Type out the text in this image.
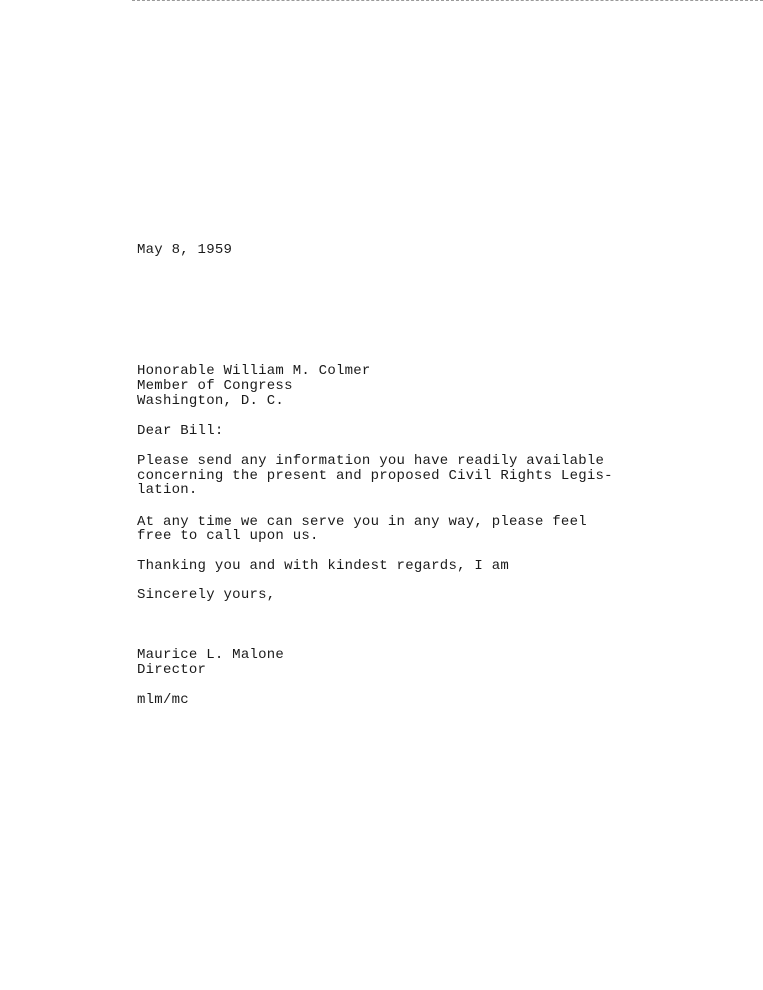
May 8, 1959
Honorable William M. Colmer
Member of Congress
Washington, D. C.
Dear Bill:
Please send any information you have readily available
concerning the present and proposed Civil Rights Legis-
lation.
At any time we can serve you in any way, please feel
free to call upon us.
Thanking you and with kindest regards, I am
Sincerely yours,
Maurice L. Malone
Director
mlm/mc
